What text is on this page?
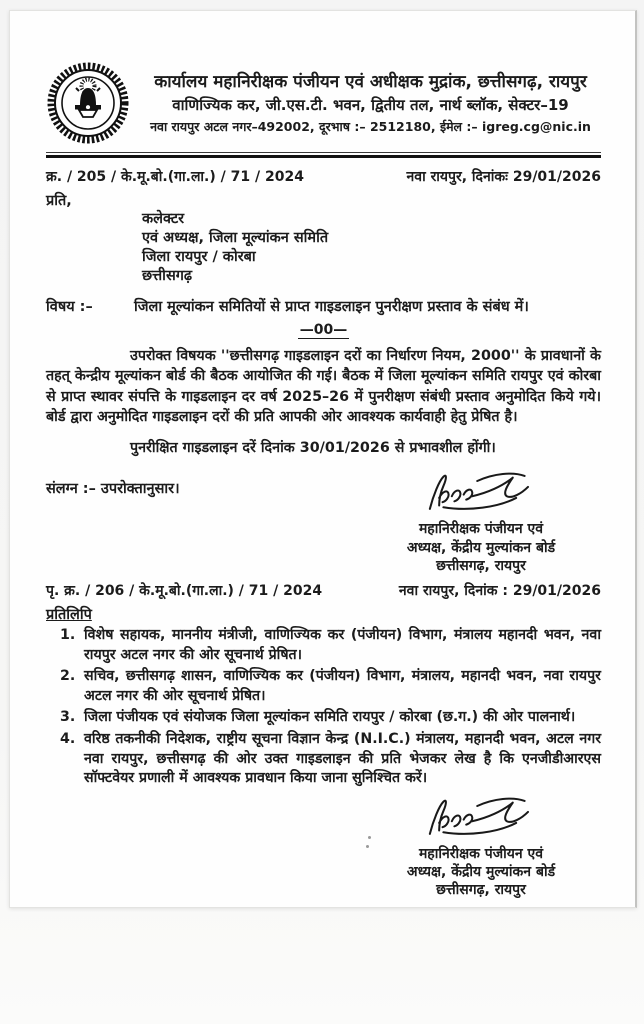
कार्यालय महानिरीक्षक पंजीयन एवं अधीक्षक मुद्रांक, छत्तीसगढ़, रायपुर
वाणिज्यिक कर, जी.एस.टी. भवन, द्वितीय तल, नार्थ ब्लॉक, सेक्टर–19
नवा रायपुर अटल नगर–492002, दूरभाष :– 2512180, ईमेल :– igreg.cg@nic.in
क्र. / 205 / के.मू.बो.(गा.ला.) / 71 / 2024	नवा रायपुर, दिनांकः 29/01/2026
प्रति,
कलेक्टर
एवं अध्यक्ष, जिला मूल्यांकन समिति
जिला रायपुर / कोरबा
छत्तीसगढ़
विषय :–	जिला मूल्यांकन समितियों से प्राप्त गाइडलाइन पुनरीक्षण प्रस्ताव के संबंध में।
—00—
उपरोक्त विषयक ''छत्तीसगढ़ गाइडलाइन दरों का निर्धारण नियम, 2000'' के प्रावधानों के तहत् केन्द्रीय मूल्यांकन बोर्ड की बैठक आयोजित की गई। बैठक में जिला मूल्यांकन समिति रायपुर एवं कोरबा से प्राप्त स्थावर संपत्ति के गाइडलाइन दर वर्ष 2025–26 में पुनरीक्षण संबंधी प्रस्ताव अनुमोदित किये गये। बोर्ड द्वारा अनुमोदित गाइडलाइन दरों की प्रति आपकी ओर आवश्यक कार्यवाही हेतु प्रेषित है।
पुनरीक्षित गाइडलाइन दरें दिनांक 30/01/2026 से प्रभावशील होंगी।
संलग्न :– उपरोक्तानुसार।
महानिरीक्षक पंजीयन एवं
अध्यक्ष, केंद्रीय मुल्यांकन बोर्ड
छत्तीसगढ़, रायपुर
पृ. क्र. / 206 / के.मू.बो.(गा.ला.) / 71 / 2024	नवा रायपुर, दिनांक : 29/01/2026
प्रतिलिपि
1. विशेष सहायक, माननीय मंत्रीजी, वाणिज्यिक कर (पंजीयन) विभाग, मंत्रालय महानदी भवन, नवा रायपुर अटल नगर की ओर सूचनार्थ प्रेषित।
2. सचिव, छत्तीसगढ़ शासन, वाणिज्यिक कर (पंजीयन) विभाग, मंत्रालय, महानदी भवन, नवा रायपुर अटल नगर की ओर सूचनार्थ प्रेषित।
3. जिला पंजीयक एवं संयोजक जिला मूल्यांकन समिति रायपुर / कोरबा (छ.ग.) की ओर पालनार्थ।
4. वरिष्ठ तकनीकी निदेशक, राष्ट्रीय सूचना विज्ञान केन्द्र (N.I.C.) मंत्रालय, महानदी भवन, अटल नगर नवा रायपुर, छत्तीसगढ़ की ओर उक्त गाइडलाइन की प्रति भेजकर लेख है कि एनजीडीआरएस सॉफ्टवेयर प्रणाली में आवश्यक प्रावधान किया जाना सुनिश्चित करें।
महानिरीक्षक पंजीयन एवं
अध्यक्ष, केंद्रीय मुल्यांकन बोर्ड
छत्तीसगढ़, रायपुर
